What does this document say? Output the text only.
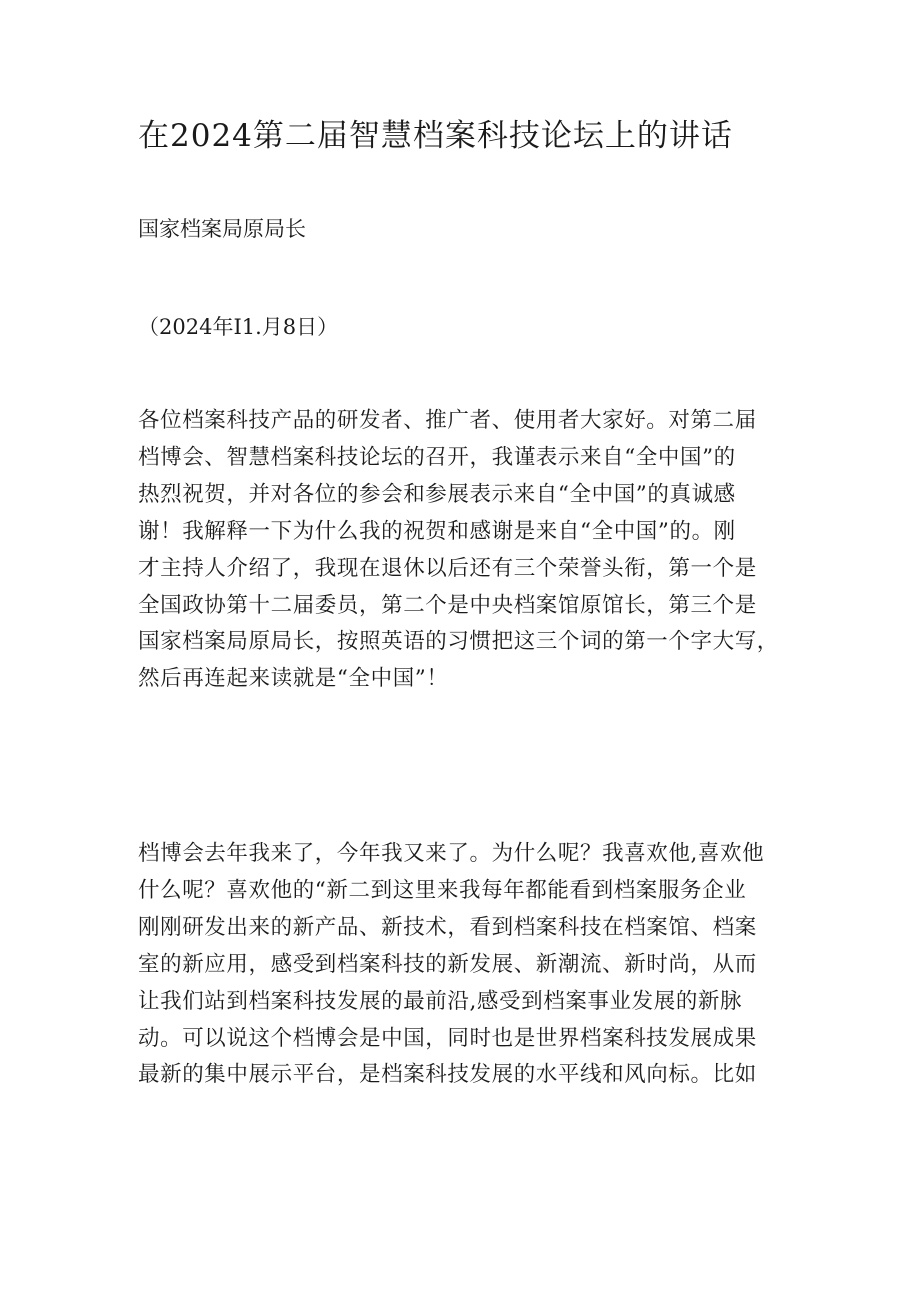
在2024第二届智慧档案科技论坛上的讲话

国家档案局原局长

（2024年I1.月8日）

各位档案科技产品的研发者、推广者、使用者大家好。对第二届
档博会、智慧档案科技论坛的召开，我谨表示来自“全中国”的
热烈祝贺，并对各位的参会和参展表示来自“全中国”的真诚感
谢！我解释一下为什么我的祝贺和感谢是来自“全中国”的。刚
才主持人介绍了，我现在退休以后还有三个荣誉头衔，第一个是
全国政协第十二届委员，第二个是中央档案馆原馆长，第三个是
国家档案局原局长，按照英语的习惯把这三个词的第一个字大写，
然后再连起来读就是“全中国”！
档博会去年我来了，今年我又来了。为什么呢？我喜欢他,喜欢他
什么呢？喜欢他的“新二到这里来我每年都能看到档案服务企业
刚刚研发出来的新产品、新技术，看到档案科技在档案馆、档案
室的新应用，感受到档案科技的新发展、新潮流、新时尚，从而
让我们站到档案科技发展的最前沿,感受到档案事业发展的新脉
动。可以说这个档博会是中国，同时也是世界档案科技发展成果
最新的集中展示平台，是档案科技发展的水平线和风向标。比如
